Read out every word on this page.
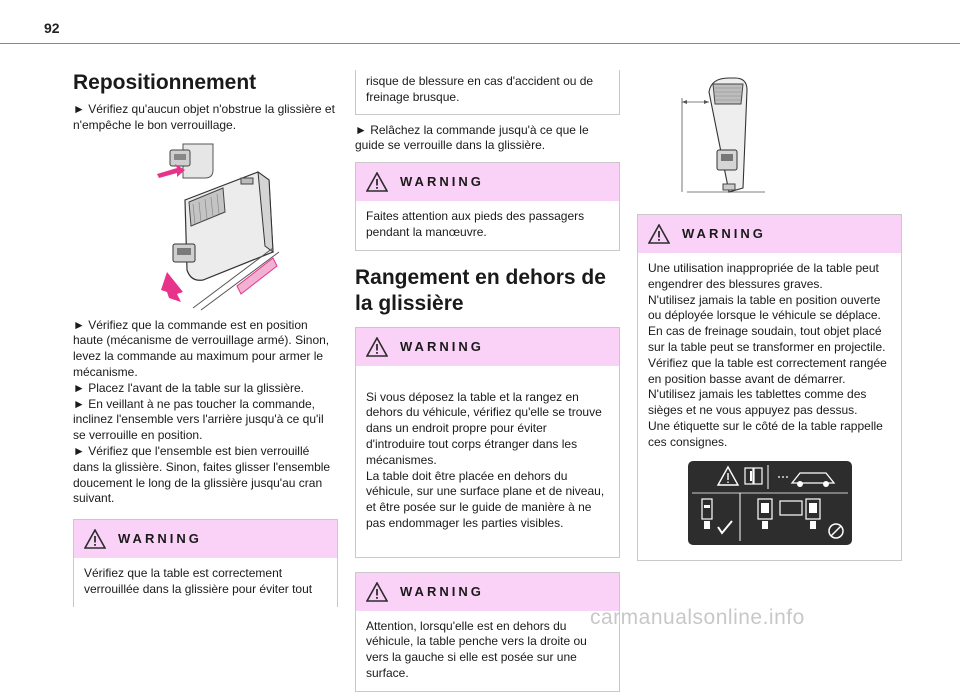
92
Repositionnement

► Vérifiez qu'aucun objet n'obstrue la glissière et n'empêche le bon verrouillage.

► Vérifiez que la commande est en position haute (mécanisme de verrouillage armé). Sinon, levez la commande au maximum pour armer le mécanisme.

► Placez l'avant de la table sur la glissière.

► En veillant à ne pas toucher la commande, inclinez l'ensemble vers l'arrière jusqu'à ce qu'il se verrouille en position.

► Vérifiez que l'ensemble est bien verrouillé dans la glissière. Sinon, faites glisser l'ensemble doucement le long de la glissière jusqu'au cran suivant.

WARNING

Vérifiez que la table est correctement verrouillée dans la glissière pour éviter tout

risque de blessure en cas d'accident ou de freinage brusque.

► Relâchez la commande jusqu'à ce que le guide se verrouille dans la glissière.

WARNING

Faites attention aux pieds des passagers pendant la manœuvre.

Rangement en dehors de la glissière
WARNING

Si vous déposez la table et la rangez en dehors du véhicule, vérifiez qu'elle se trouve dans un endroit propre pour éviter d'introduire tout corps étranger dans les mécanismes.
La table doit être placée en dehors du véhicule, sur une surface plane et de niveau, et être posée sur le guide de manière à ne pas endommager les parties visibles.

WARNING

Attention, lorsqu'elle est en dehors du véhicule, la table penche vers la droite ou vers la gauche si elle est posée sur une surface.

WARNING

Une utilisation inappropriée de la table peut engendrer des blessures graves.

N'utilisez jamais la table en position ouverte ou déployée lorsque le véhicule se déplace.

En cas de freinage soudain, tout objet placé sur la table peut se transformer en projectile.

Vérifiez que la table est correctement rangée en position basse avant de démarrer.

N'utilisez jamais les tablettes comme des sièges et ne vous appuyez pas dessus.

Une étiquette sur le côté de la table rappelle ces consignes.

carmanualsonline.info
